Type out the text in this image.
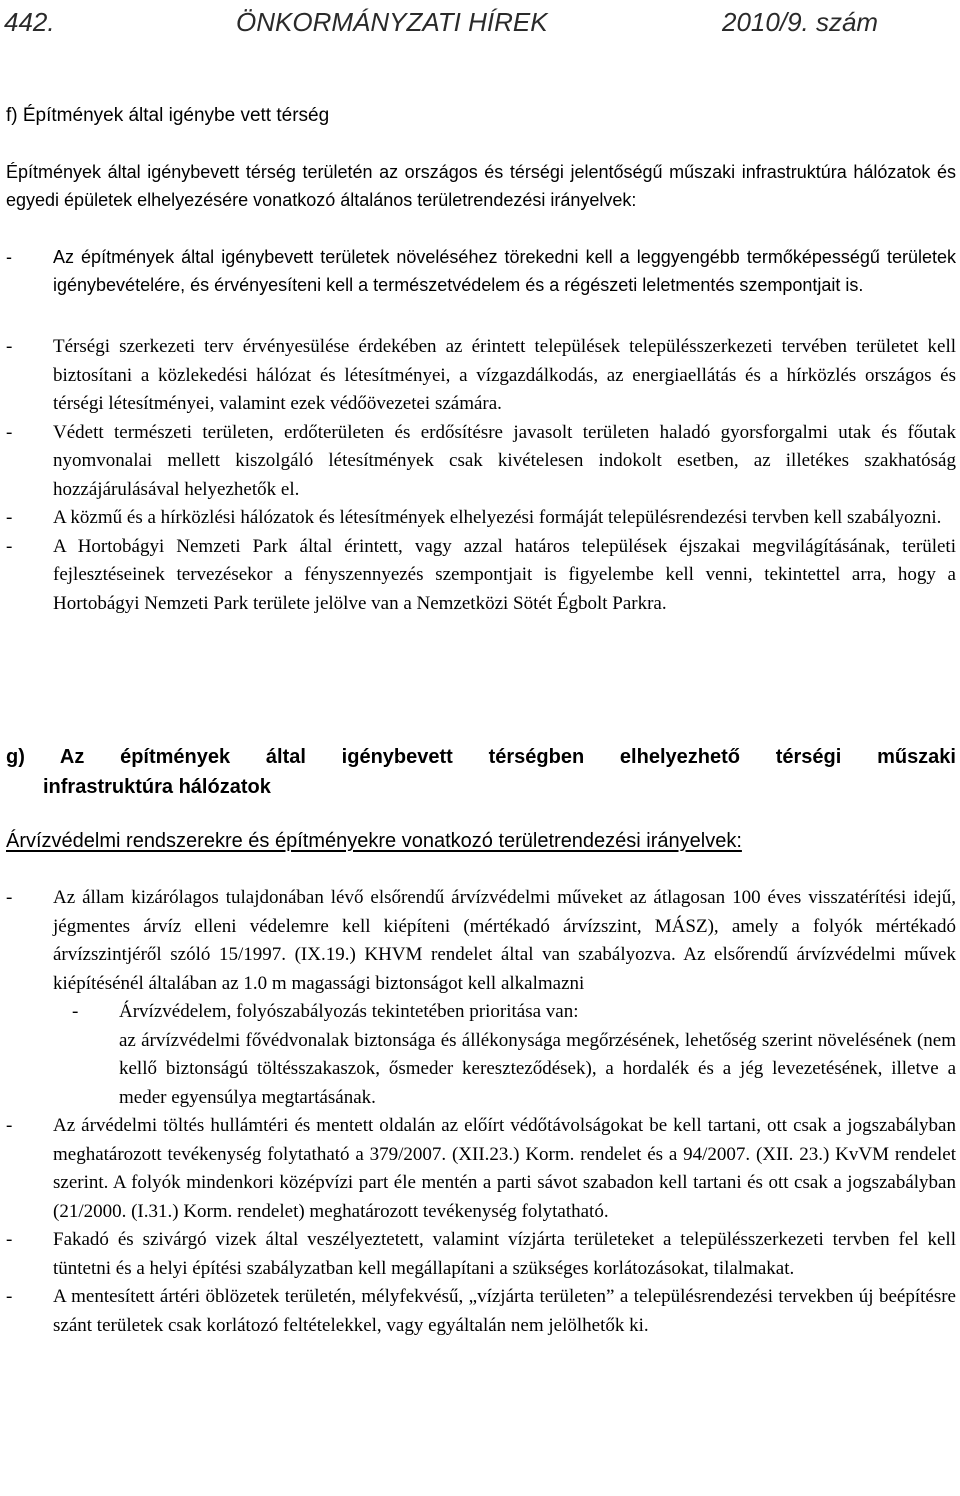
442.	ÖNKORMÁNYZATI HÍREK	2010/9. szám
f) Építmények által igénybe vett térség
Építmények által igénybevett térség területén az országos és térségi jelentőségű műszaki infrastruktúra hálózatok és egyedi épületek elhelyezésére vonatkozó általános területrendezési irányelvek:
- Az építmények által igénybevett területek növeléséhez törekedni kell a leggyengébb termőképességű területek igénybevételére, és érvényesíteni kell a természetvédelem és a régészeti leletmentés szempontjait is.
- Térségi szerkezeti terv érvényesülése érdekében az érintett települések településszerkezeti tervében területet kell biztosítani a közlekedési hálózat és létesítményei, a vízgazdálkodás, az energiaellátás és a hírközlés országos és térségi létesítményei, valamint ezek védőövezetei számára.
- Védett természeti területen, erdőterületen és erdősítésre javasolt területen haladó gyorsforgalmi utak és főutak nyomvonalai mellett kiszolgáló létesítmények csak kivételesen indokolt esetben, az illetékes szakhatóság hozzájárulásával helyezhetők el.
- A közmű és a hírközlési hálózatok és létesítmények elhelyezési formáját településrendezési tervben kell szabályozni.
- A Hortobágyi Nemzeti Park által érintett, vagy azzal határos települések éjszakai megvilágításának, területi fejlesztéseinek tervezésekor a fényszennyezés szempontjait is figyelembe kell venni, tekintettel arra, hogy a Hortobágyi Nemzeti Park területe jelölve van a Nemzetközi Sötét Égbolt Parkra.
g) Az építmények által igénybevett térségben elhelyezhető térségi műszaki
infrastruktúra hálózatok
Árvízvédelmi rendszerekre és építményekre vonatkozó területrendezési irányelvek:
- Az állam kizárólagos tulajdonában lévő elsőrendű árvízvédelmi műveket az átlagosan 100 éves visszatérítési idejű, jégmentes árvíz elleni védelemre kell kiépíteni (mértékadó árvízszint, MÁSZ), amely a folyók mértékadó árvízszintjéről szóló 15/1997. (IX.19.) KHVM rendelet által van szabályozva. Az elsőrendű árvízvédelmi művek kiépítésénél általában az 1.0 m magassági biztonságot kell alkalmazni
- Árvízvédelem, folyószabályozás tekintetében prioritása van:
az árvízvédelmi fővédvonalak biztonsága és állékonysága megőrzésének, lehetőség szerint növelésének (nem kellő biztonságú töltésszakaszok, ősmeder kereszteződések), a hordalék és a jég levezetésének, illetve a meder egyensúlya megtartásának.
- Az árvédelmi töltés hullámtéri és mentett oldalán az előírt védőtávolságokat be kell tartani, ott csak a jogszabályban meghatározott tevékenység folytatható a 379/2007. (XII.23.) Korm. rendelet és a 94/2007. (XII. 23.) KvVM rendelet szerint. A folyók mindenkori középvízi part éle mentén a parti sávot szabadon kell tartani és ott csak a jogszabályban (21/2000. (I.31.) Korm. rendelet) meghatározott tevékenység folytatható.
- Fakadó és szivárgó vizek által veszélyeztetett, valamint vízjárta területeket a településszerkezeti tervben fel kell tüntetni és a helyi építési szabályzatban kell megállapítani a szükséges korlátozásokat, tilalmakat.
- A mentesített ártéri öblözetek területén, mélyfekvésű, „vízjárta területen” a településrendezési tervekben új beépítésre szánt területek csak korlátozó feltételekkel, vagy egyáltalán nem jelölhetők ki.
